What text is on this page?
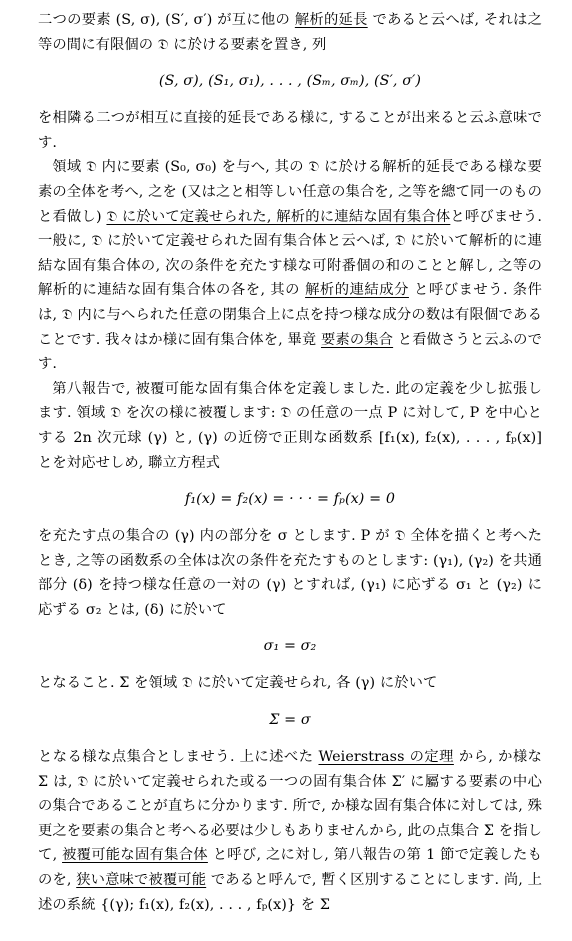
二つの要素 (S, σ), (S′, σ′) が互に他の 解析的延長 であると云へば, それは之等の間に有限個の 𝔇 に於ける要素を置き, 列

(S, σ), (S₁, σ₁), . . . , (Sₘ, σₘ), (S′, σ′)

を相隣る二つが相互に直接的延長である様に, することが出来ると云ふ意味です.

領域 𝔇 内に要素 (S₀, σ₀) を与へ, 其の 𝔇 に於ける解析的延長である様な要素の全体を考へ, 之を (又は之と相等しい任意の集合を, 之等を總て同一のものと看做し) 𝔇 に於いて定義せられた, 解析的に連結な固有集合体と呼びませう. 一般に, 𝔇 に於いて定義せられた固有集合体と云へば, 𝔇 に於いて解析的に連結な固有集合体の, 次の条件を充たす様な可附番個の和のことと解し, 之等の解析的に連結な固有集合体の各を, 其の 解析的連結成分 と呼びませう. 条件は, 𝔇 内に与へられた任意の閉集合上に点を持つ様な成分の数は有限個であることです. 我々はか様に固有集合体を, 畢竟 要素の集合 と看做さうと云ふのです.

第八報告で, 被覆可能な固有集合体を定義しました. 此の定義を少し拡張します. 領域 𝔇 を次の様に被覆します: 𝔇 の任意の一点 P に対して, P を中心とする 2n 次元球 (γ) と, (γ) の近傍で正則な函数系 [f₁(x), f₂(x), . . . , fₚ(x)] とを対応せしめ, 聯立方程式

f₁(x) = f₂(x) = · · · = fₚ(x) = 0

を充たす点の集合の (γ) 内の部分を σ とします. P が 𝔇 全体を描くと考へたとき, 之等の函数系の全体は次の条件を充たすものとします: (γ₁), (γ₂) を共通部分 (δ) を持つ様な任意の一対の (γ) とすれば, (γ₁) に応ずる σ₁ と (γ₂) に応ずる σ₂ とは, (δ) に於いて

σ₁ = σ₂

となること. Σ を領域 𝔇 に於いて定義せられ, 各 (γ) に於いて

Σ = σ

となる様な点集合としませう. 上に述べた Weierstrass の定理 から, か様な Σ は, 𝔇 に於いて定義せられた或る一つの固有集合体 Σ′ に屬する要素の中心の集合であることが直ちに分かります. 所で, か様な固有集合体に対しては, 殊更之を要素の集合と考へる必要は少しもありませんから, 此の点集合 Σ を指して, 被覆可能な固有集合体 と呼び, 之に対し, 第八報告の第 1 節で定義したものを, 狭い意味で被覆可能 であると呼んで, 暫く区別することにします. 尚, 上述の系統 {(γ); f₁(x), f₂(x), . . . , fₚ(x)} を Σ
